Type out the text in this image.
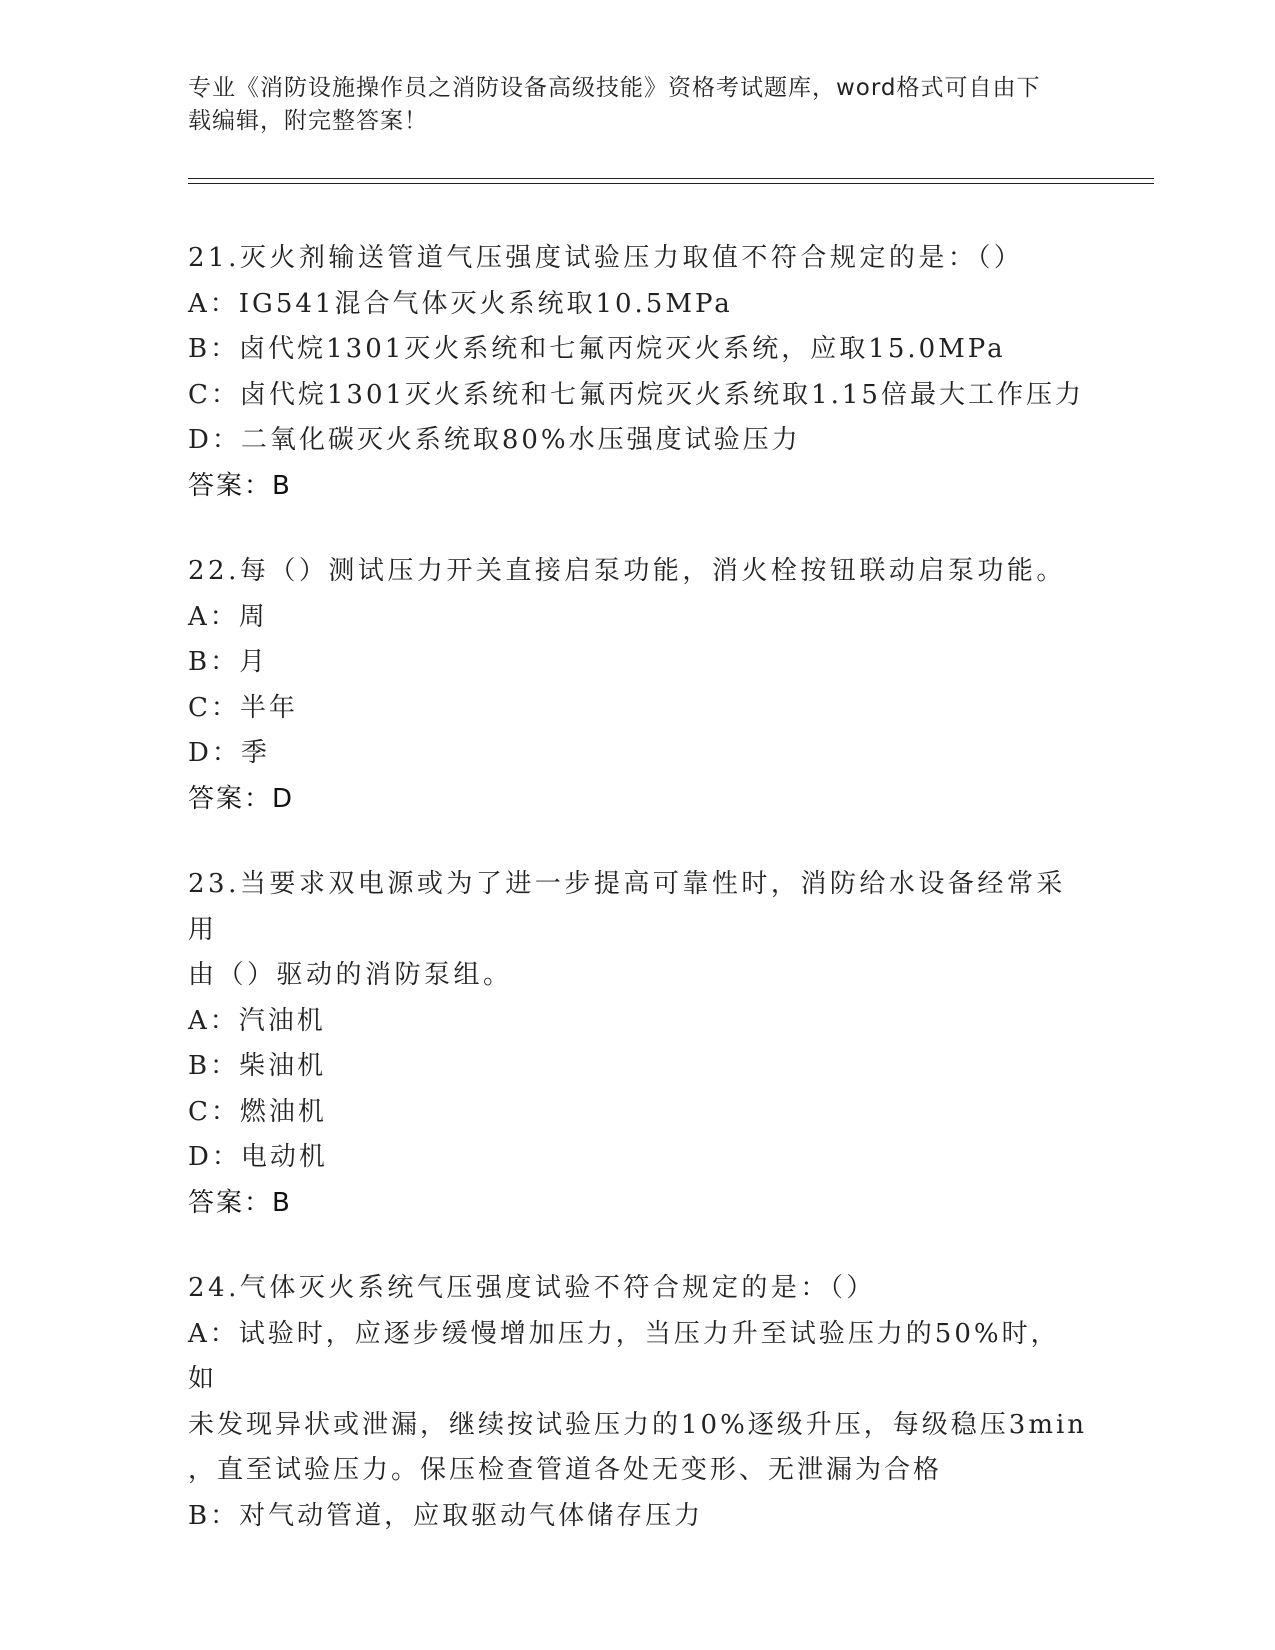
专业《消防设施操作员之消防设备高级技能》资格考试题库，word格式可自由下
载编辑，附完整答案！
21.灭火剂输送管道气压强度试验压力取值不符合规定的是：（）
A：IG541混合气体灭火系统取10.5MPa
B：卤代烷1301灭火系统和七氟丙烷灭火系统，应取15.0MPa
C：卤代烷1301灭火系统和七氟丙烷灭火系统取1.15倍最大工作压力
D：二氧化碳灭火系统取80%水压强度试验压力
答案：B
22.每（）测试压力开关直接启泵功能，消火栓按钮联动启泵功能。
A：周
B：月
C：半年
D：季
答案：D
23.当要求双电源或为了进一步提高可靠性时，消防给水设备经常采用
由（）驱动的消防泵组。
A：汽油机
B：柴油机
C：燃油机
D：电动机
答案：B
24.气体灭火系统气压强度试验不符合规定的是：（）
A：试验时，应逐步缓慢增加压力，当压力升至试验压力的50%时，如
未发现异状或泄漏，继续按试验压力的10%逐级升压，每级稳压3min
，直至试验压力。保压检查管道各处无变形、无泄漏为合格
B：对气动管道，应取驱动气体储存压力
